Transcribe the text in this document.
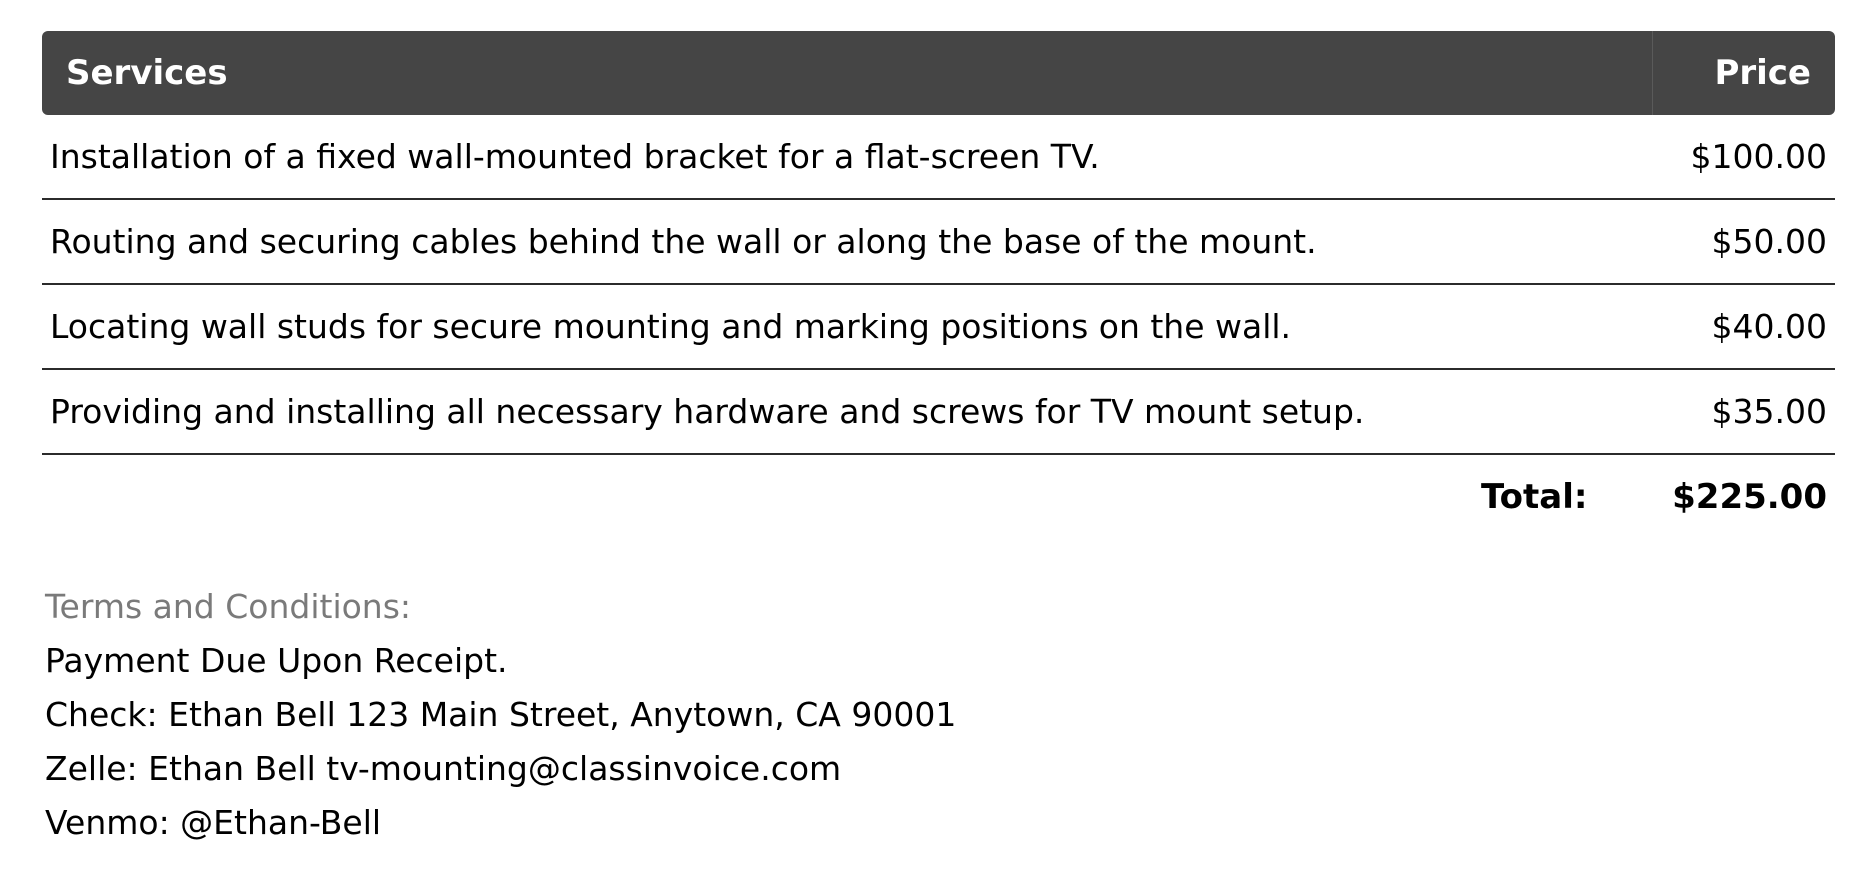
Services	Price
Installation of a fixed wall-mounted bracket for a flat-screen TV.	$100.00
Routing and securing cables behind the wall or along the base of the mount.	$50.00
Locating wall studs for secure mounting and marking positions on the wall.	$40.00
Providing and installing all necessary hardware and screws for TV mount setup.	$35.00
Total: $225.00
Terms and Conditions:
Payment Due Upon Receipt.
Check: Ethan Bell 123 Main Street, Anytown, CA 90001
Zelle: Ethan Bell tv-mounting@classinvoice.com
Venmo: @Ethan-Bell
